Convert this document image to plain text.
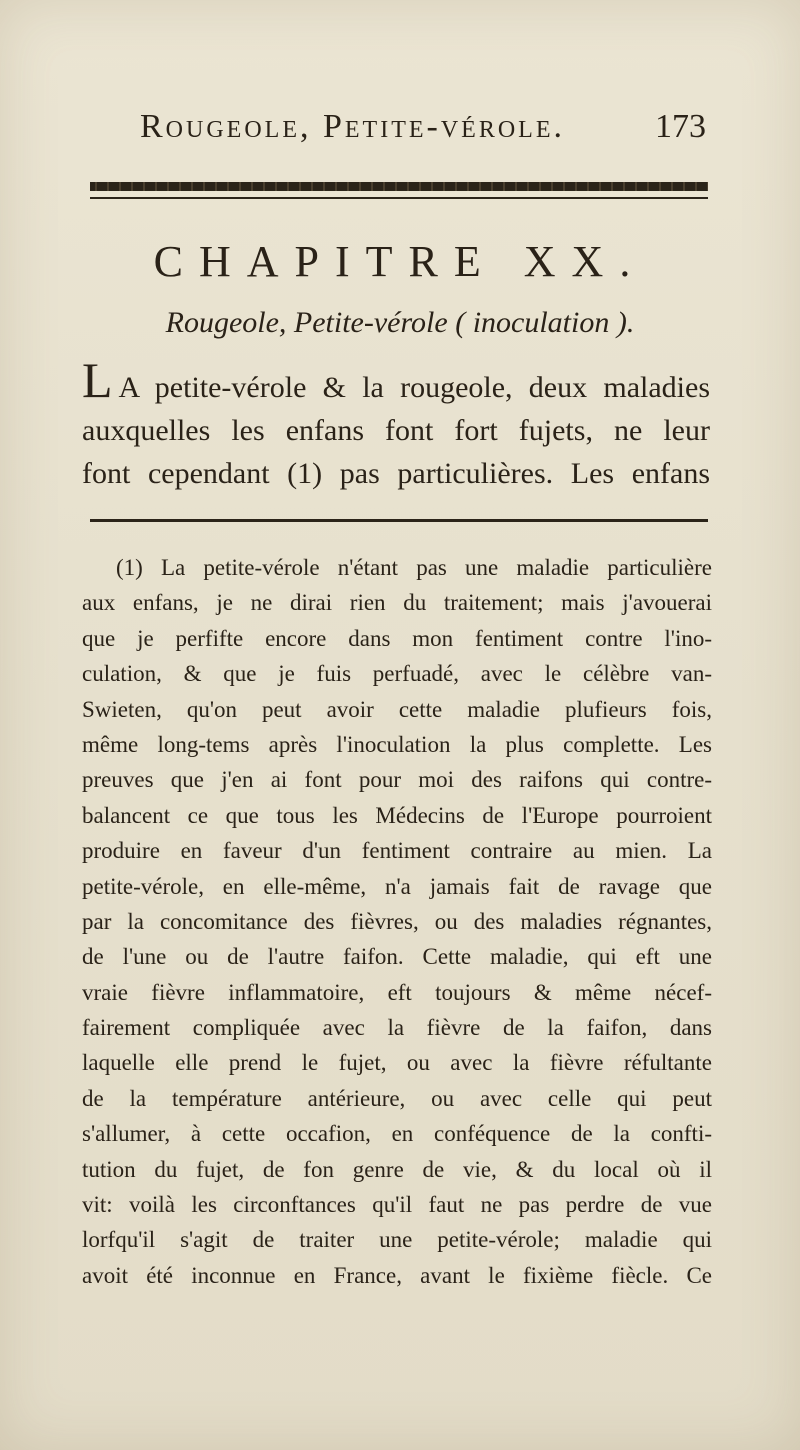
Rougeole, Petite-vérole.	173
CHAPITRE XX.
Rougeole, Petite-vérole ( inoculation ).
L A petite-vérole & la rougeole, deux maladies
auxquelles les enfans font fort fujets, ne leur
font cependant (1) pas particulières. Les enfans
(1) La petite-vérole n'étant pas une maladie particulière
aux enfans, je ne dirai rien du traitement; mais j'avouerai
que je perfifte encore dans mon fentiment contre l'ino-
culation, & que je fuis perfuadé, avec le célèbre van-
Swieten, qu'on peut avoir cette maladie plufieurs fois,
même long-tems après l'inoculation la plus complette. Les
preuves que j'en ai font pour moi des raifons qui contre-
balancent ce que tous les Médecins de l'Europe pourroient
produire en faveur d'un fentiment contraire au mien. La
petite-vérole, en elle-même, n'a jamais fait de ravage que
par la concomitance des fièvres, ou des maladies régnantes,
de l'une ou de l'autre faifon. Cette maladie, qui eft une
vraie fièvre inflammatoire, eft toujours & même nécef-
fairement compliquée avec la fièvre de la faifon, dans
laquelle elle prend le fujet, ou avec la fièvre réfultante
de la température antérieure, ou avec celle qui peut
s'allumer, à cette occafion, en conféquence de la confti-
tution du fujet, de fon genre de vie, & du local où il
vit: voilà les circonftances qu'il faut ne pas perdre de vue
lorfqu'il s'agit de traiter une petite-vérole; maladie qui
avoit été inconnue en France, avant le fixième fiècle. Ce
